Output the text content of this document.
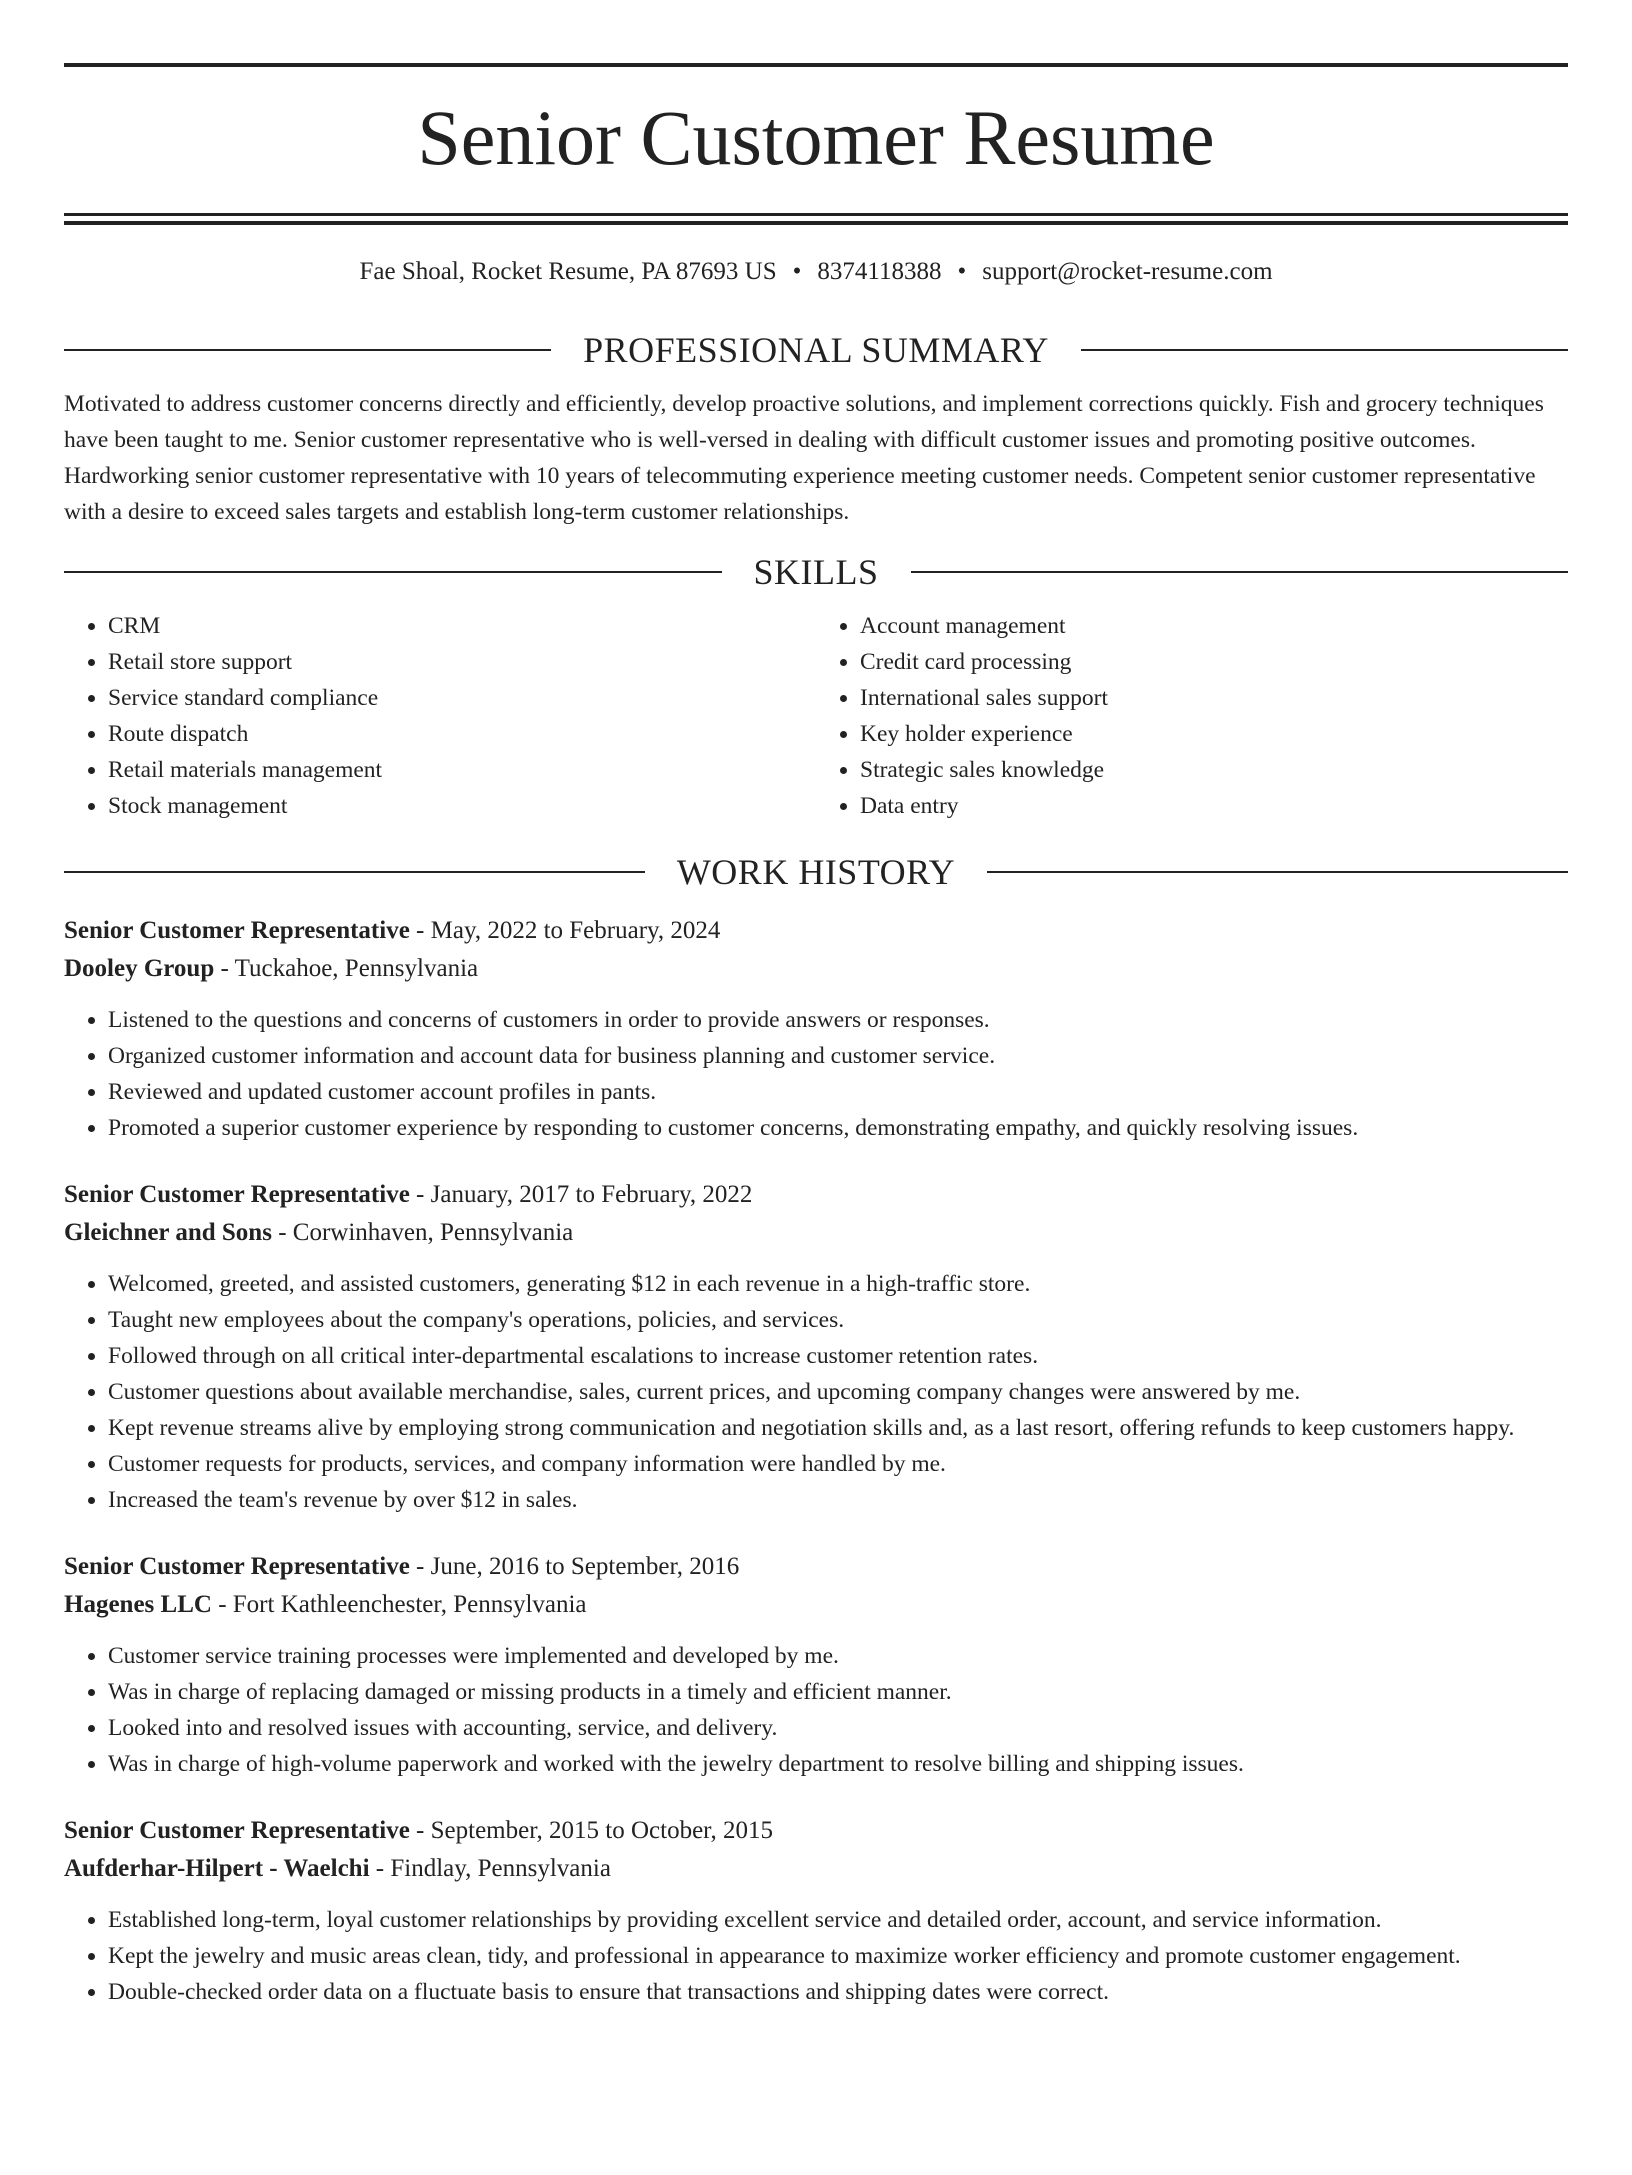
Senior Customer Resume
Fae Shoal, Rocket Resume, PA 87693 US • 8374118388 • support@rocket-resume.com
PROFESSIONAL SUMMARY

Motivated to address customer concerns directly and efficiently, develop proactive solutions, and implement corrections quickly. Fish and grocery techniques have been taught to me. Senior customer representative who is well-versed in dealing with difficult customer issues and promoting positive outcomes. Hardworking senior customer representative with 10 years of telecommuting experience meeting customer needs. Competent senior customer representative with a desire to exceed sales targets and establish long-term customer relationships.

SKILLS
• CRM
• Retail store support
• Service standard compliance
• Route dispatch
• Retail materials management
• Stock management
• Account management
• Credit card processing
• International sales support
• Key holder experience
• Strategic sales knowledge
• Data entry
WORK HISTORY
Senior Customer Representative - May, 2022 to February, 2024
Dooley Group - Tuckahoe, Pennsylvania
• Listened to the questions and concerns of customers in order to provide answers or responses.
• Organized customer information and account data for business planning and customer service.
• Reviewed and updated customer account profiles in pants.
• Promoted a superior customer experience by responding to customer concerns, demonstrating empathy, and quickly resolving issues.
Senior Customer Representative - January, 2017 to February, 2022
Gleichner and Sons - Corwinhaven, Pennsylvania
• Welcomed, greeted, and assisted customers, generating $12 in each revenue in a high-traffic store.
• Taught new employees about the company's operations, policies, and services.
• Followed through on all critical inter-departmental escalations to increase customer retention rates.
• Customer questions about available merchandise, sales, current prices, and upcoming company changes were answered by me.
• Kept revenue streams alive by employing strong communication and negotiation skills and, as a last resort, offering refunds to keep customers happy.
• Customer requests for products, services, and company information were handled by me.
• Increased the team's revenue by over $12 in sales.
Senior Customer Representative - June, 2016 to September, 2016
Hagenes LLC - Fort Kathleenchester, Pennsylvania
• Customer service training processes were implemented and developed by me.
• Was in charge of replacing damaged or missing products in a timely and efficient manner.
• Looked into and resolved issues with accounting, service, and delivery.
• Was in charge of high-volume paperwork and worked with the jewelry department to resolve billing and shipping issues.
Senior Customer Representative - September, 2015 to October, 2015
Aufderhar-Hilpert - Waelchi - Findlay, Pennsylvania
• Established long-term, loyal customer relationships by providing excellent service and detailed order, account, and service information.
• Kept the jewelry and music areas clean, tidy, and professional in appearance to maximize worker efficiency and promote customer engagement.
• Double-checked order data on a fluctuate basis to ensure that transactions and shipping dates were correct.
